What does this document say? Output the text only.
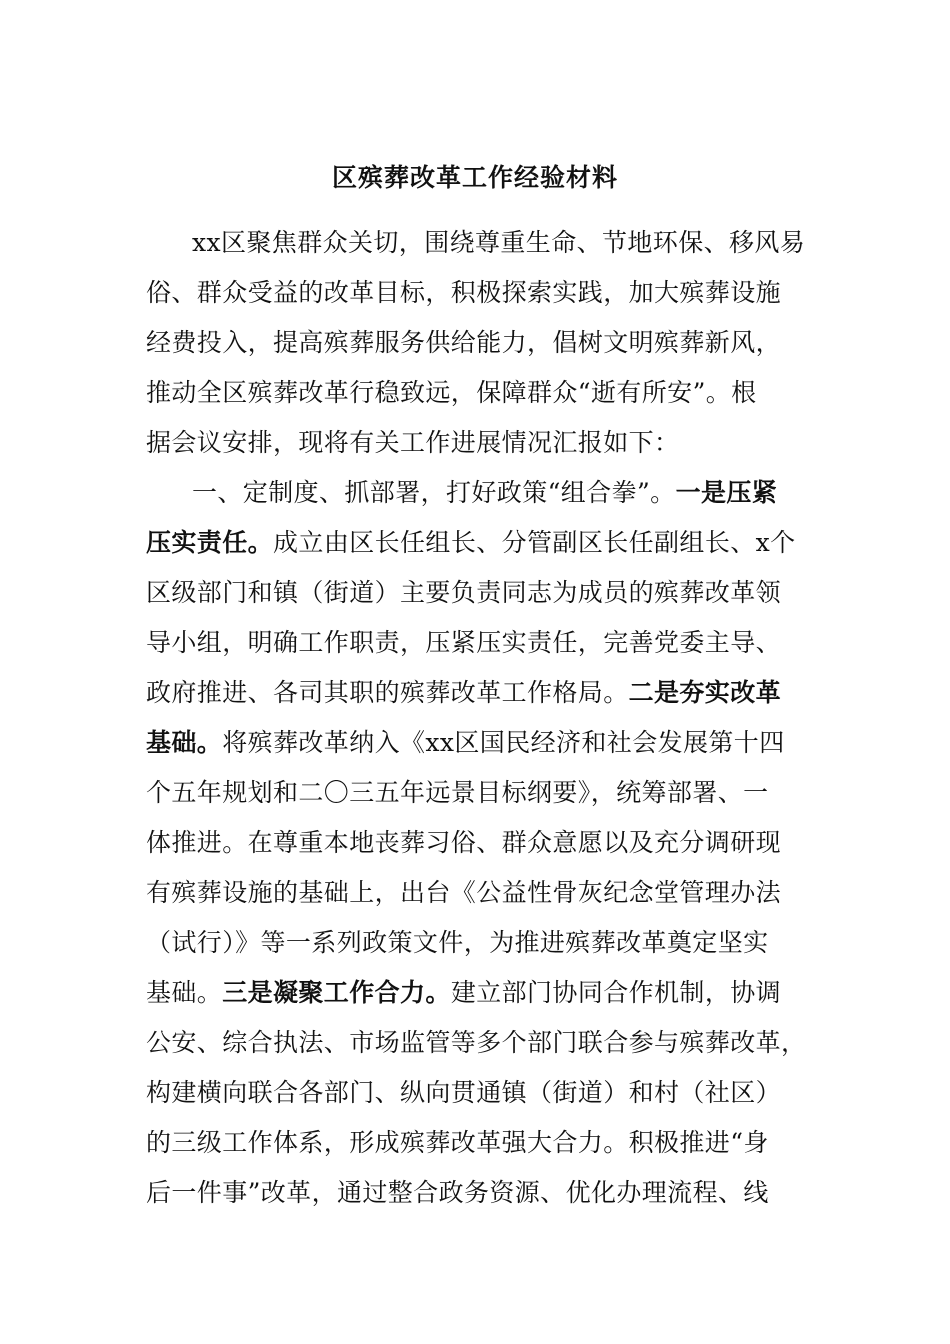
区殡葬改革工作经验材料
xx区聚焦群众关切，围绕尊重生命、节地环保、移风易
俗、群众受益的改革目标，积极探索实践，加大殡葬设施
经费投入，提高殡葬服务供给能力，倡树文明殡葬新风，
推动全区殡葬改革行稳致远，保障群众“逝有所安”。根
据会议安排，现将有关工作进展情况汇报如下：
一、定制度、抓部署，打好政策“组合拳”。一是压紧
压实责任。成立由区长任组长、分管副区长任副组长、x个
区级部门和镇（街道）主要负责同志为成员的殡葬改革领
导小组，明确工作职责，压紧压实责任，完善党委主导、
政府推进、各司其职的殡葬改革工作格局。二是夯实改革
基础。将殡葬改革纳入《xx区国民经济和社会发展第十四
个五年规划和二〇三五年远景目标纲要》，统筹部署、一
体推进。在尊重本地丧葬习俗、群众意愿以及充分调研现
有殡葬设施的基础上，出台《公益性骨灰纪念堂管理办法
（试行）》等一系列政策文件，为推进殡葬改革奠定坚实
基础。三是凝聚工作合力。建立部门协同合作机制，协调
公安、综合执法、市场监管等多个部门联合参与殡葬改革，
构建横向联合各部门、纵向贯通镇（街道）和村（社区）
的三级工作体系，形成殡葬改革强大合力。积极推进“身
后一件事”改革，通过整合政务资源、优化办理流程、线
